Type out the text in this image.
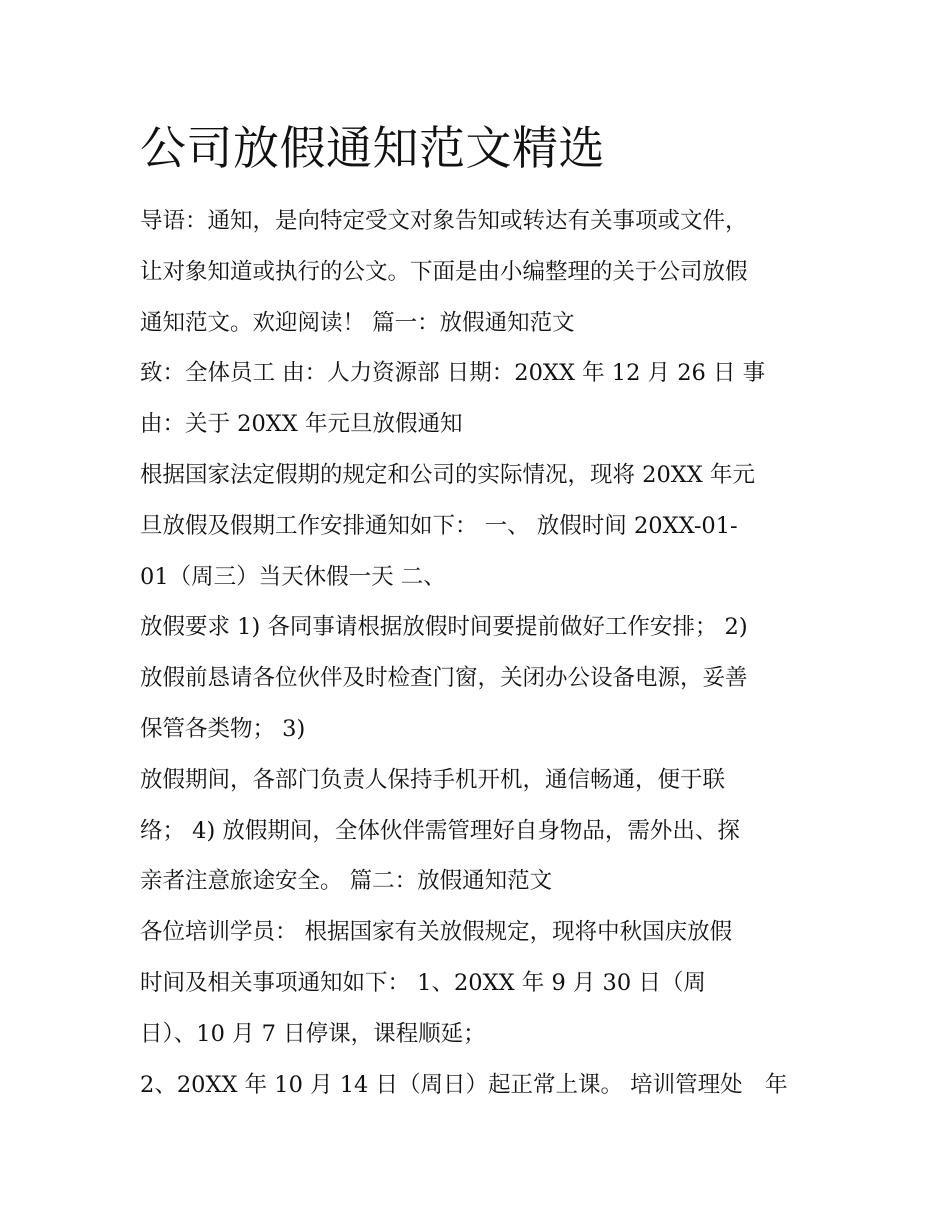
公司放假通知范文精选
导语：通知，是向特定受文对象告知或转达有关事项或文件，
让对象知道或执行的公文。下面是由小编整理的关于公司放假
通知范文。欢迎阅读！ 篇一：放假通知范文
致：全体员工 由：人力资源部 日期：20XX 年 12 月 26 日 事
由：关于 20XX 年元旦放假通知
根据国家法定假期的规定和公司的实际情况，现将 20XX 年元
旦放假及假期工作安排通知如下： 一、 放假时间 20XX-01-
01（周三）当天休假一天 二、
放假要求 1) 各同事请根据放假时间要提前做好工作安排； 2)
放假前恳请各位伙伴及时检查门窗，关闭办公设备电源，妥善
保管各类物； 3)
放假期间，各部门负责人保持手机开机，通信畅通，便于联
络； 4) 放假期间，全体伙伴需管理好自身物品，需外出、探
亲者注意旅途安全。 篇二：放假通知范文
各位培训学员： 根据国家有关放假规定，现将中秋国庆放假
时间及相关事项通知如下： 1、20XX 年 9 月 30 日（周
日）、10 月 7 日停课，课程顺延；
2、20XX 年 10 月 14 日（周日）起正常上课。 培训管理处　年
